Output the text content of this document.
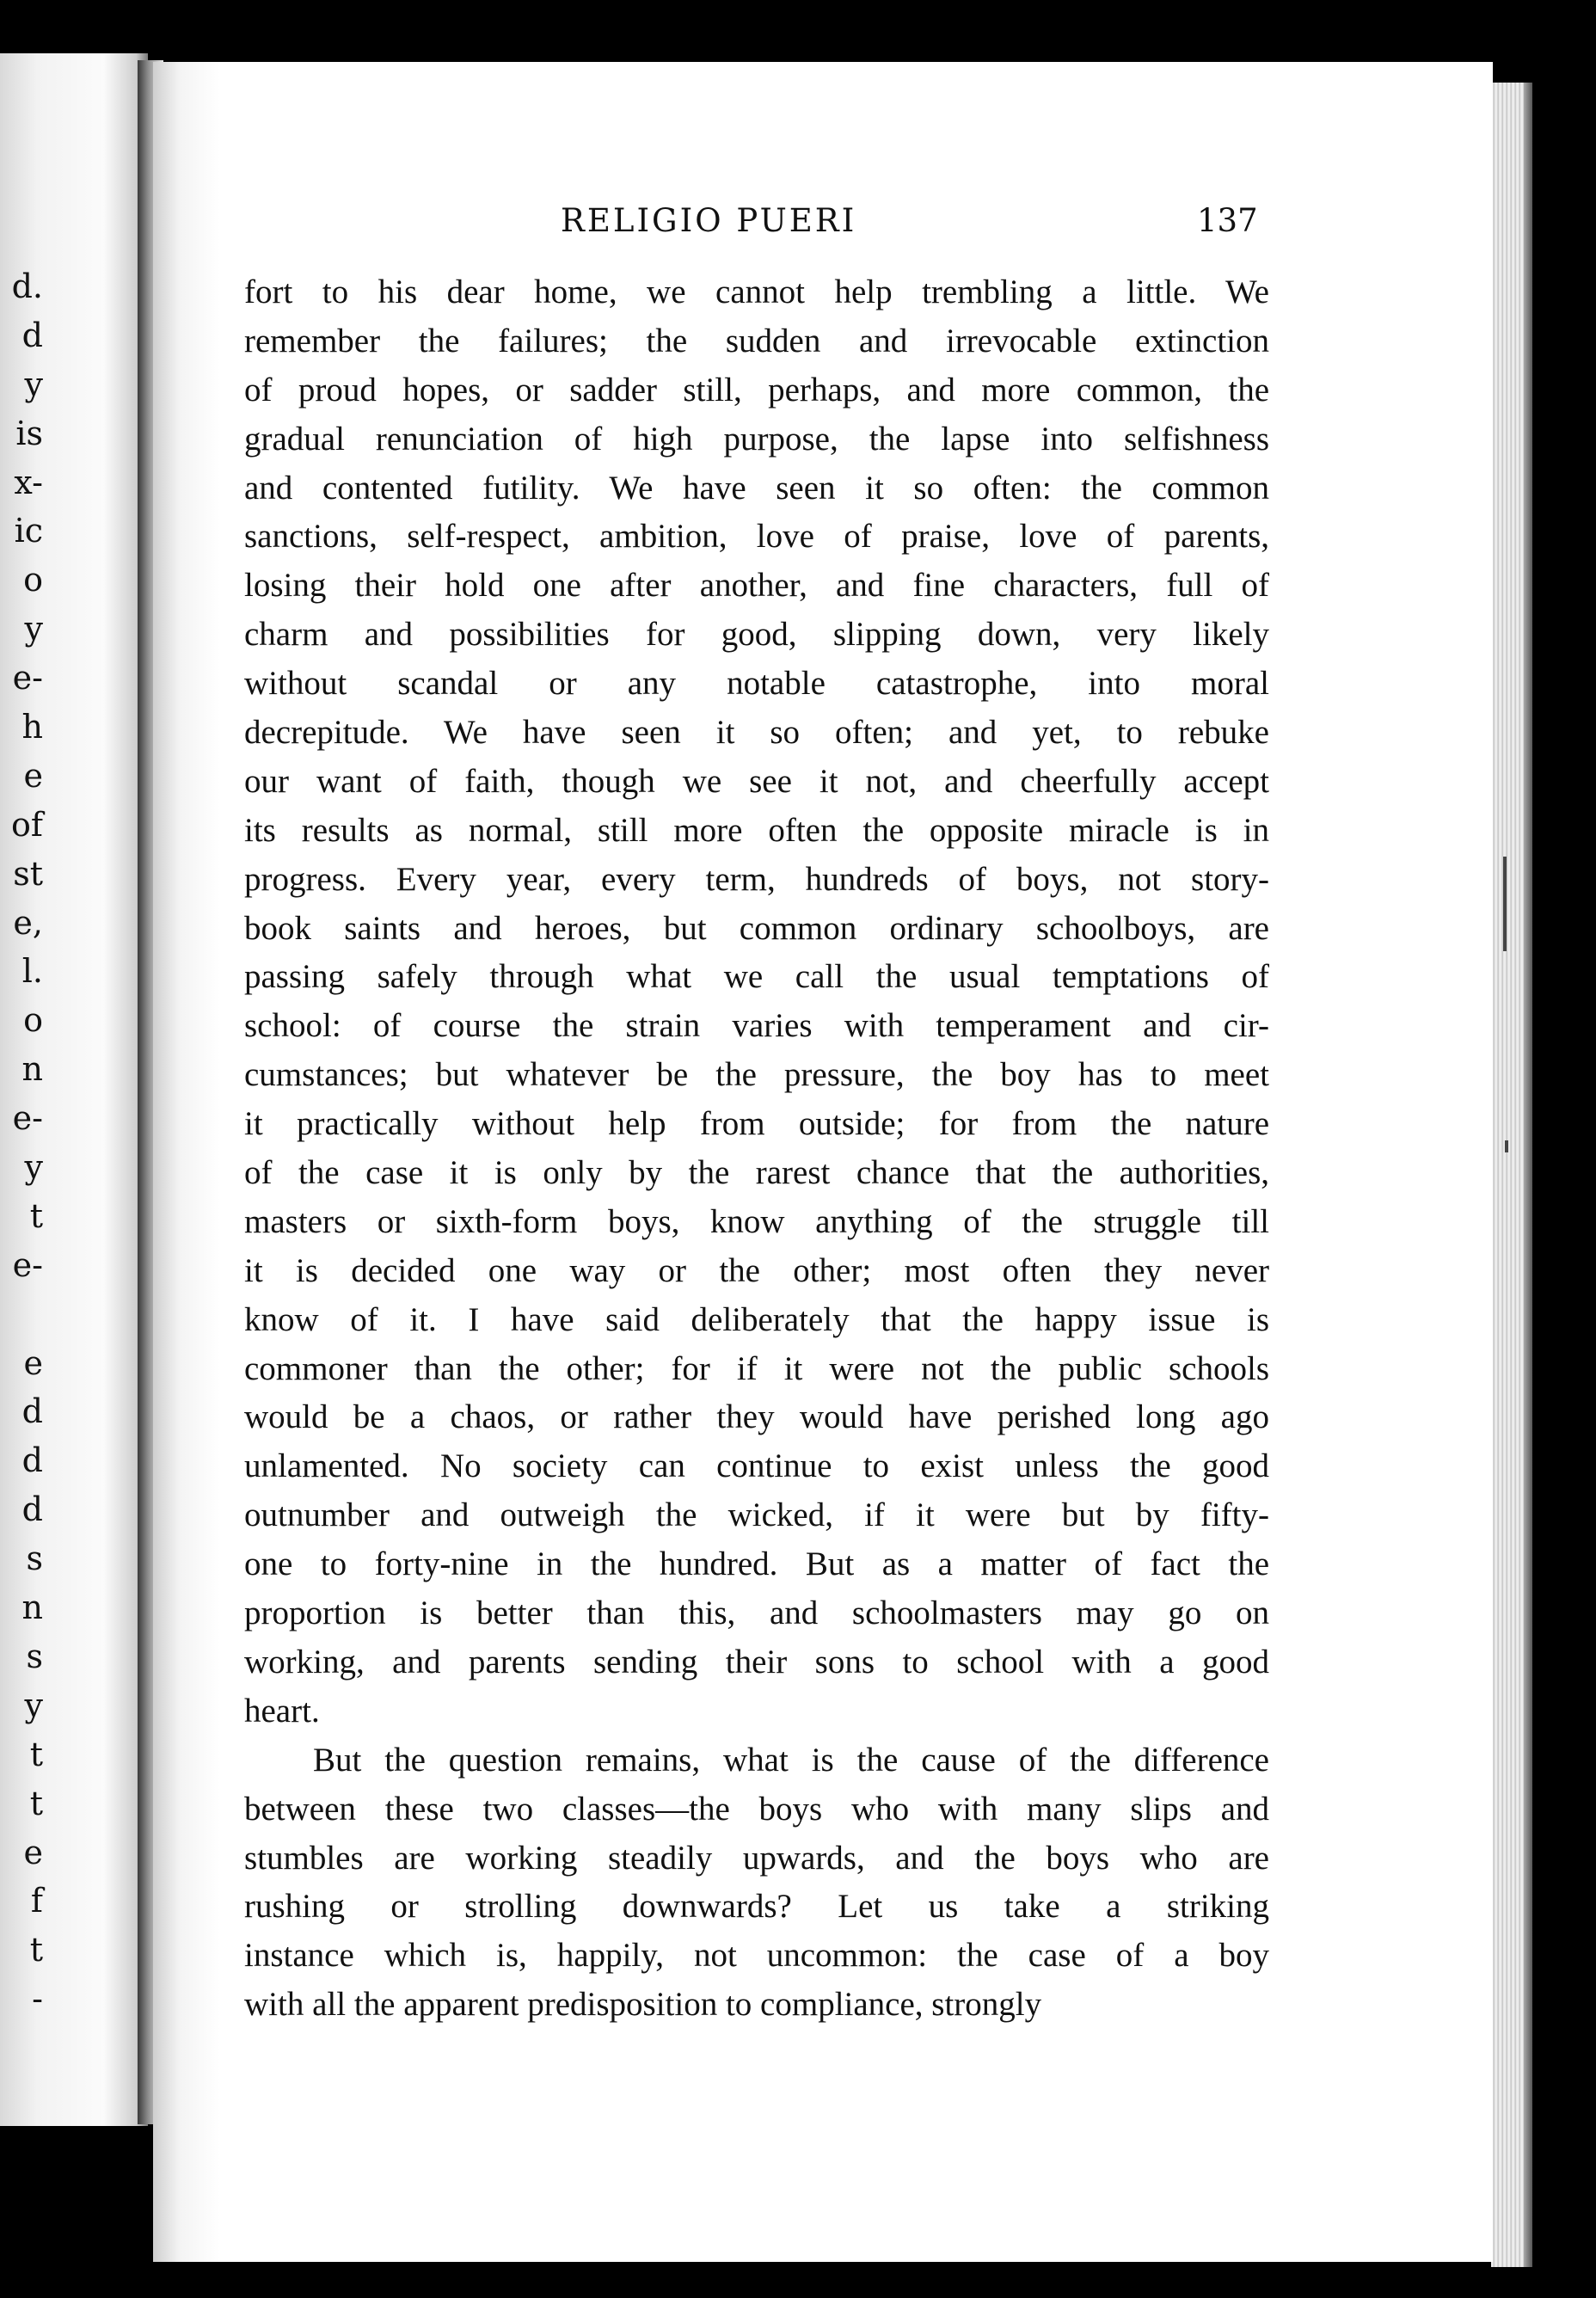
d.
d
y
is
x-
ic
o
y
e-
h
e
of
st
e,
l.
o
n
e-
y
t
e-
e
d
d
d
s
n
s
y
t
t
e
f
t
-
RELIGIO PUERI	137
fort to his dear home, we cannot help trembling a little. We
remember the failures; the sudden and irrevocable extinction
of proud hopes, or sadder still, perhaps, and more common, the
gradual renunciation of high purpose, the lapse into selfishness
and contented futility. We have seen it so often: the common
sanctions, self-respect, ambition, love of praise, love of parents,
losing their hold one after another, and fine characters, full of
charm and possibilities for good, slipping down, very likely
without scandal or any notable catastrophe, into moral
decrepitude. We have seen it so often; and yet, to rebuke
our want of faith, though we see it not, and cheerfully accept
its results as normal, still more often the opposite miracle is in
progress. Every year, every term, hundreds of boys, not story-
book saints and heroes, but common ordinary schoolboys, are
passing safely through what we call the usual temptations of
school: of course the strain varies with temperament and cir-
cumstances; but whatever be the pressure, the boy has to meet
it practically without help from outside; for from the nature
of the case it is only by the rarest chance that the authorities,
masters or sixth-form boys, know anything of the struggle till
it is decided one way or the other; most often they never
know of it. I have said deliberately that the happy issue is
commoner than the other; for if it were not the public schools
would be a chaos, or rather they would have perished long ago
unlamented. No society can continue to exist unless the good
outnumber and outweigh the wicked, if it were but by fifty-
one to forty-nine in the hundred. But as a matter of fact the
proportion is better than this, and schoolmasters may go on
working, and parents sending their sons to school with a good
heart.
But the question remains, what is the cause of the difference
between these two classes—the boys who with many slips and
stumbles are working steadily upwards, and the boys who are
rushing or strolling downwards? Let us take a striking
instance which is, happily, not uncommon: the case of a boy
with all the apparent predisposition to compliance, strongly
